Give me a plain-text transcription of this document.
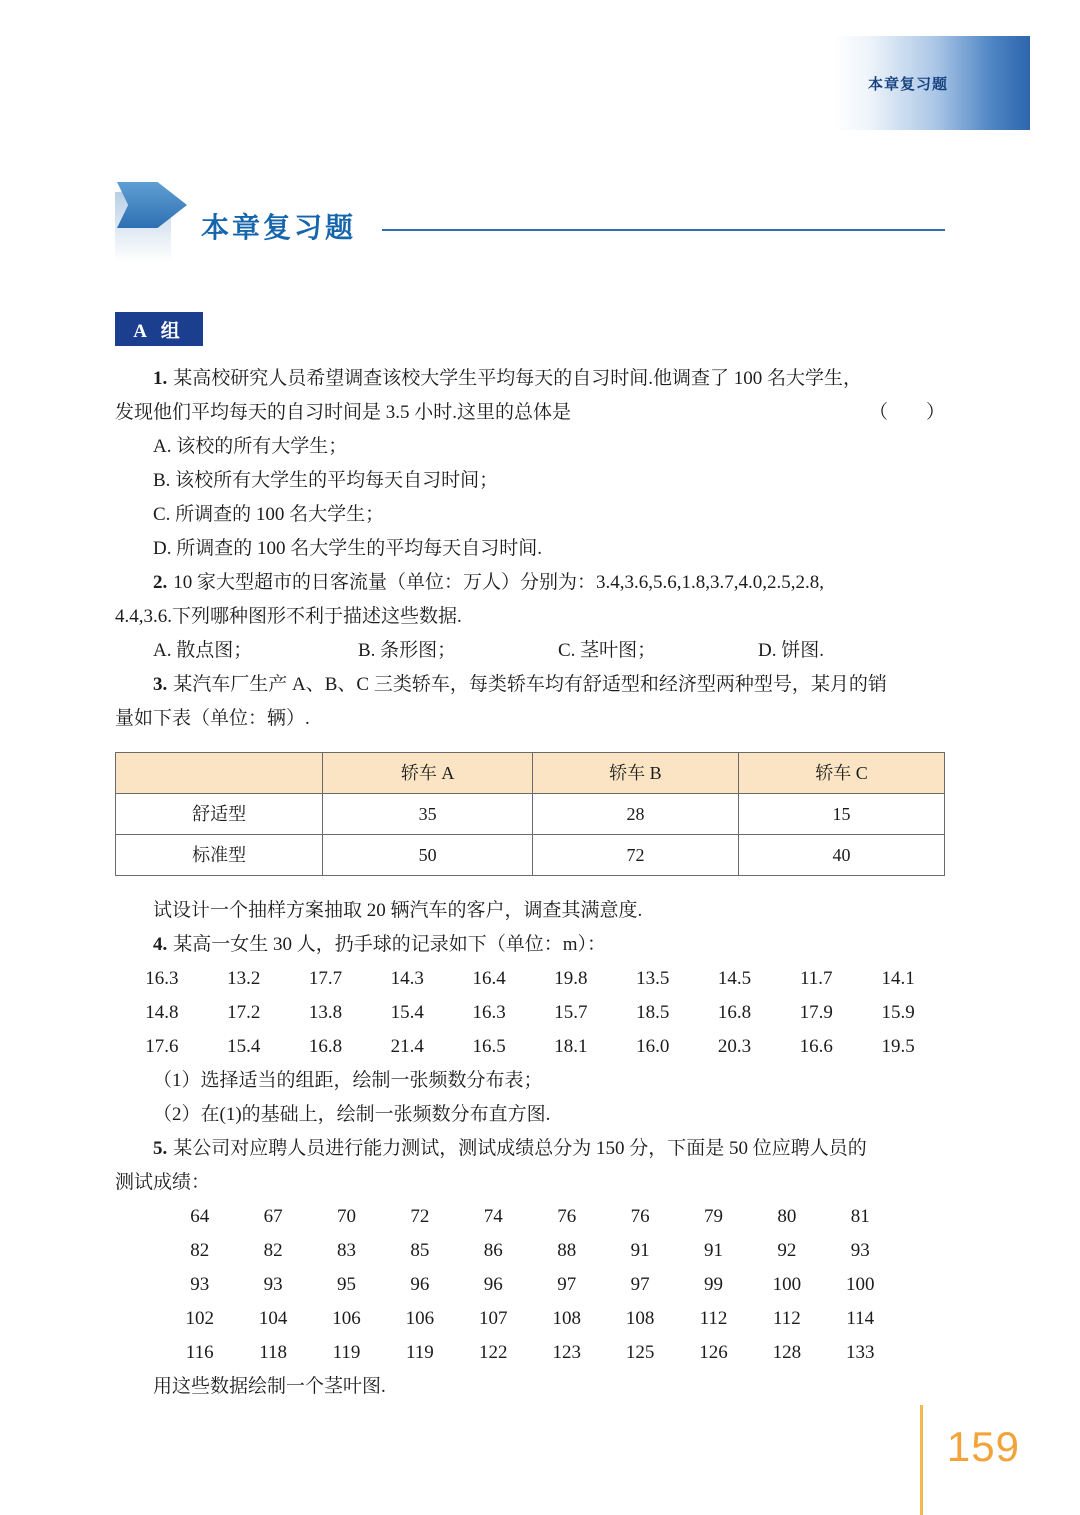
本章复习题
本章复习题
A 组
1. 某高校研究人员希望调查该校大学生平均每天的自习时间.他调查了 100 名大学生，
发现他们平均每天的自习时间是 3.5 小时.这里的总体是	（　　）
A. 该校的所有大学生；
B. 该校所有大学生的平均每天自习时间；
C. 所调查的 100 名大学生；
D. 所调查的 100 名大学生的平均每天自习时间.
2. 10 家大型超市的日客流量（单位：万人）分别为：3.4,3.6,5.6,1.8,3.7,4.0,2.5,2.8,
4.4,3.6.下列哪种图形不利于描述这些数据.
A. 散点图；	B. 条形图；	C. 茎叶图；	D. 饼图.
3. 某汽车厂生产 A、B、C 三类轿车，每类轿车均有舒适型和经济型两种型号，某月的销
量如下表（单位：辆）.
	轿车 A	轿车 B	轿车 C
舒适型	35	28	15
标准型	50	72	40
试设计一个抽样方案抽取 20 辆汽车的客户，调查其满意度.
4. 某高一女生 30 人，扔手球的记录如下（单位：m）：
16.3	13.2	17.7	14.3	16.4	19.8	13.5	14.5	11.7	14.1
14.8	17.2	13.8	15.4	16.3	15.7	18.5	16.8	17.9	15.9
17.6	15.4	16.8	21.4	16.5	18.1	16.0	20.3	16.6	19.5
（1）选择适当的组距，绘制一张频数分布表；
（2）在(1)的基础上，绘制一张频数分布直方图.
5. 某公司对应聘人员进行能力测试，测试成绩总分为 150 分，下面是 50 位应聘人员的
测试成绩：
64	67	70	72	74	76	76	79	80	81
82	82	83	85	86	88	91	91	92	93
93	93	95	96	96	97	97	99	100	100
102	104	106	106	107	108	108	112	112	114
116	118	119	119	122	123	125	126	128	133
用这些数据绘制一个茎叶图.
159
